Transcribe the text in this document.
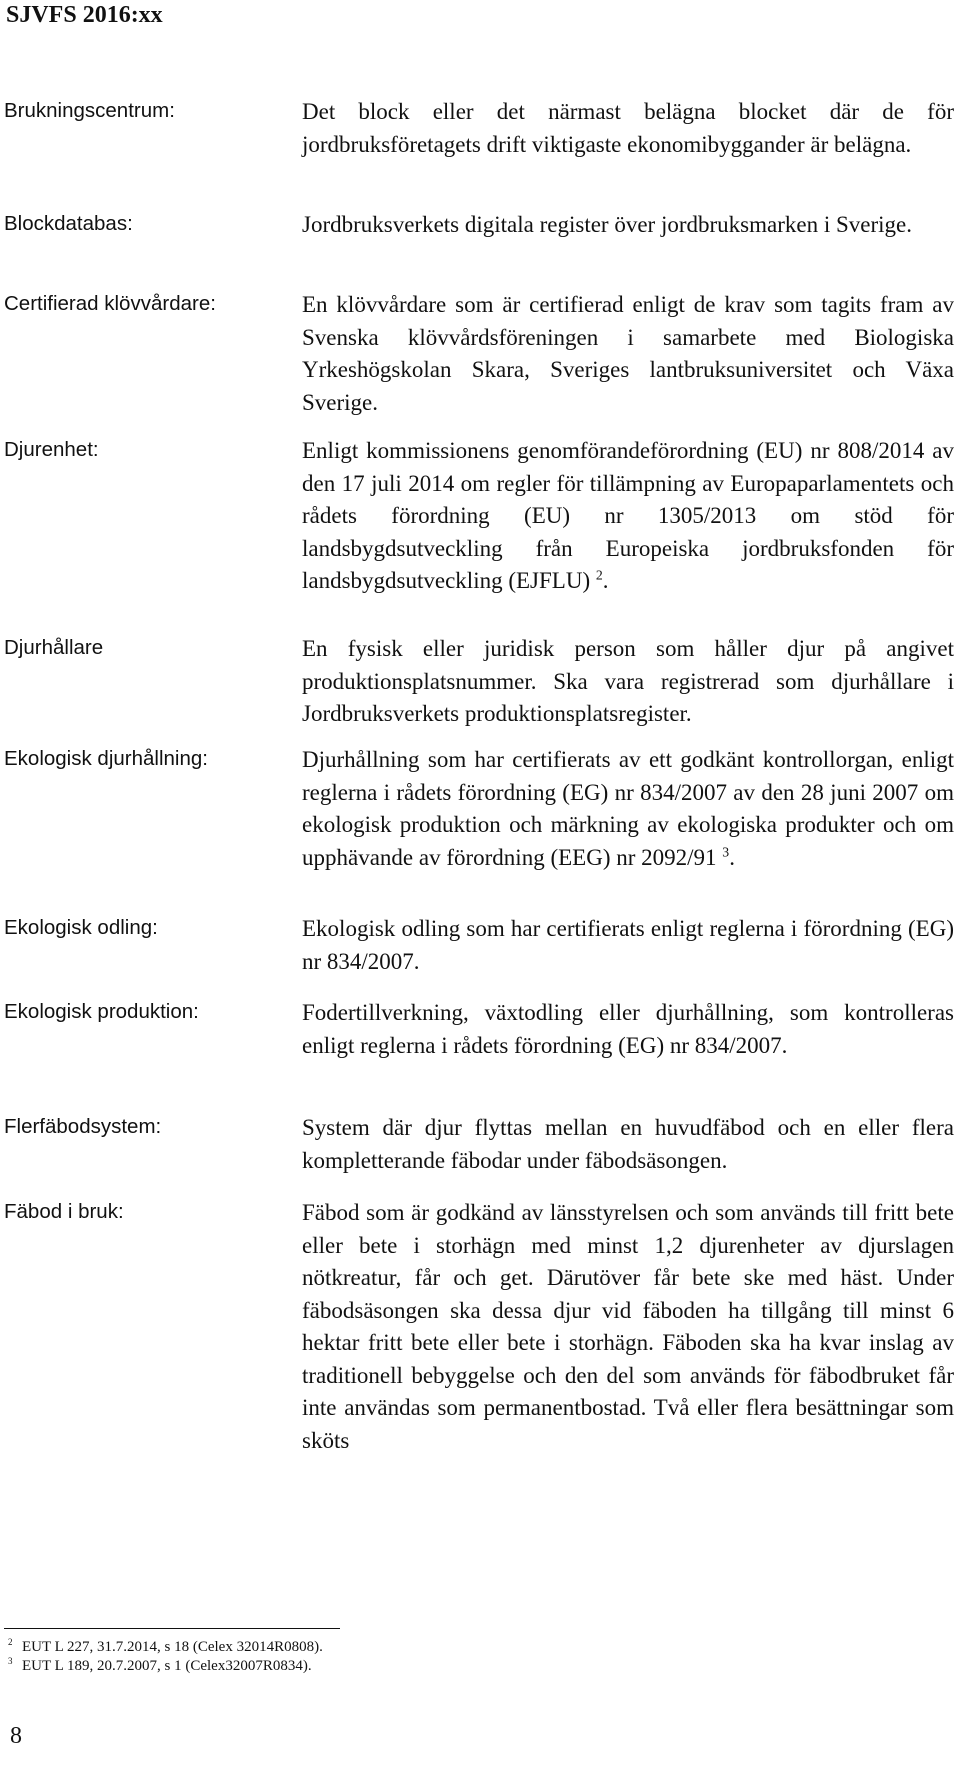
SJVFS 2016:xx
Brukningscentrum:	Det block eller det närmast belägna blocket där de för jordbruksföretagets drift viktigaste ekonomibyggander är belägna.
Blockdatabas:	Jordbruksverkets digitala register över jordbruksmarken i Sverige.
Certifierad klövvårdare:	En klövvårdare som är certifierad enligt de krav som tagits fram av Svenska klövvårdsföreningen i samarbete med Biologiska Yrkeshögskolan Skara, Sveriges lantbruksuniversitet och Växa Sverige.
Djurenhet:	Enligt kommissionens genomförandeförordning (EU) nr 808/2014 av den 17 juli 2014 om regler för tillämpning av Europaparlamentets och rådets förordning (EU) nr 1305/2013 om stöd för landsbygdsutveckling från Europeiska jordbruksfonden för landsbygdsutveckling (EJFLU) $^2$.
Djurhållare	En fysisk eller juridisk person som håller djur på angivet produktionsplatsnummer. Ska vara registrerad som djurhållare i Jordbruksverkets produktionsplatsregister.
Ekologisk djurhållning:	Djurhållning som har certifierats av ett godkänt kontrollorgan, enligt reglerna i rådets förordning (EG) nr 834/2007 av den 28 juni 2007 om ekologisk produktion och märkning av ekologiska produkter och om upphävande av förordning (EEG) nr 2092/91 $^3$.
Ekologisk odling:	Ekologisk odling som har certifierats enligt reglerna i förordning (EG) nr 834/2007.
Ekologisk produktion:	Fodertillverkning, växtodling eller djurhållning, som kontrolleras enligt reglerna i rådets förordning (EG) nr 834/2007.
Flerfäbodsystem:	System där djur flyttas mellan en huvudfäbod och en eller flera kompletterande fäbodar under fäbodsäsongen.
Fäbod i bruk:	Fäbod som är godkänd av länsstyrelsen och som används till fritt bete eller bete i storhägn med minst 1,2 djurenheter av djurslagen nötkreatur, får och get. Därutöver får bete ske med häst. Under fäbodsäsongen ska dessa djur vid fäboden ha tillgång till minst 6 hektar fritt bete eller bete i storhägn. Fäboden ska ha kvar inslag av traditionell bebyggelse och den del som används för fäbodbruket får inte användas som permanentbostad. Två eller flera besättningar som sköts
$^2$ EUT L 227, 31.7.2014, s 18 (Celex 32014R0808).
$^3$ EUT L 189, 20.7.2007, s 1 (Celex32007R0834).
8
